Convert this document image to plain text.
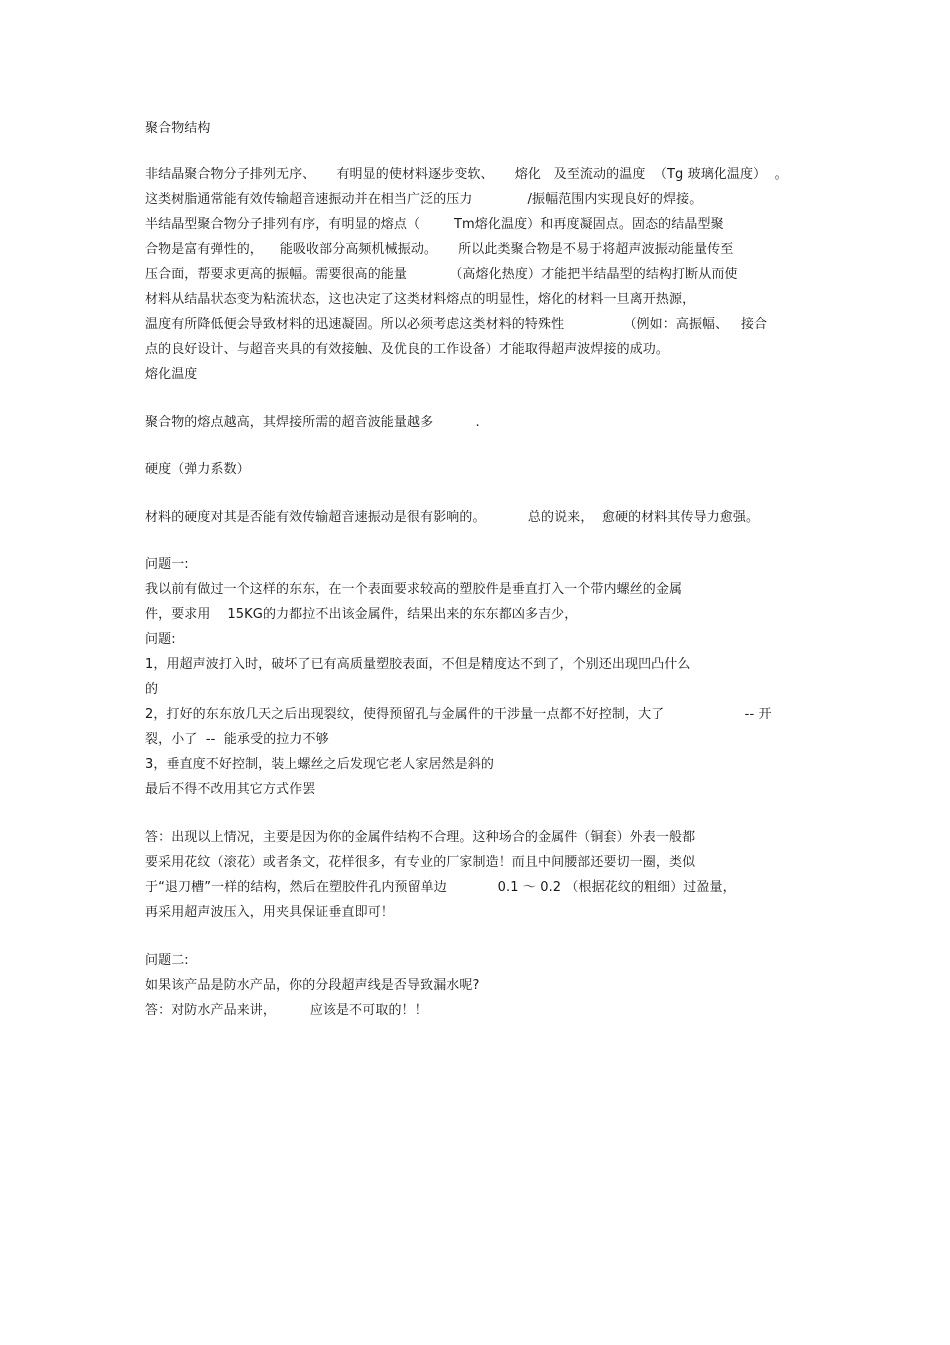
聚合物结构
非结晶聚合物分子排列无序、     有明显的使材料逐步变软、     熔化   及至流动的温度  （Tg 玻璃化温度）  。
这类树脂通常能有效传输超音速振动并在相当广泛的压力             /振幅范围内实现良好的焊接。
半结晶型聚合物分子排列有序，有明显的熔点（        Tm熔化温度）和再度凝固点。固态的结晶型聚
合物是富有弹性的，    能吸收部分高频机械振动。     所以此类聚合物是不易于将超声波振动能量传至
压合面，帮要求更高的振幅。需要很高的能量          （高熔化热度）才能把半结晶型的结构打断从而使
材料从结晶状态变为粘流状态，这也决定了这类材料熔点的明显性，熔化的材料一旦离开热源，
温度有所降低便会导致材料的迅速凝固。所以必须考虑这类材料的特殊性              （例如：高振幅、   接合
点的良好设计、与超音夹具的有效接触、及优良的工作设备）才能取得超声波焊接的成功。
熔化温度
聚合物的熔点越高，其焊接所需的超音波能量越多          .
硬度（弹力系数）
材料的硬度对其是否能有效传输超音速振动是很有影响的。          总的说来，  愈硬的材料其传导力愈强。
问题一:
我以前有做过一个这样的东东，在一个表面要求较高的塑胶件是垂直打入一个带内螺丝的金属
件，要求用    15KG的力都拉不出该金属件，结果出来的东东都凶多吉少，
问题:
1，用超声波打入时，破坏了已有高质量塑胶表面，不但是精度达不到了，个别还出现凹凸什么
的
2，打好的东东放几天之后出现裂纹，使得预留孔与金属件的干涉量一点都不好控制，大了                   -- 开
裂，小了  --  能承受的拉力不够
3，垂直度不好控制，装上螺丝之后发现它老人家居然是斜的
最后不得不改用其它方式作罢
答：出现以上情况，主要是因为你的金属件结构不合理。这种场合的金属件（铜套）外表一般都
要采用花纹（滚花）或者条文，花样很多，有专业的厂家制造！而且中间腰部还要切一圈，类似
于“退刀槽”一样的结构，然后在塑胶件孔内预留单边            0.1 ～ 0.2 （根据花纹的粗细）过盈量，
再采用超声波压入，用夹具保证垂直即可！
问题二:
如果该产品是防水产品，你的分段超声线是否导致漏水呢?
答：对防水产品来讲，        应该是不可取的！！
